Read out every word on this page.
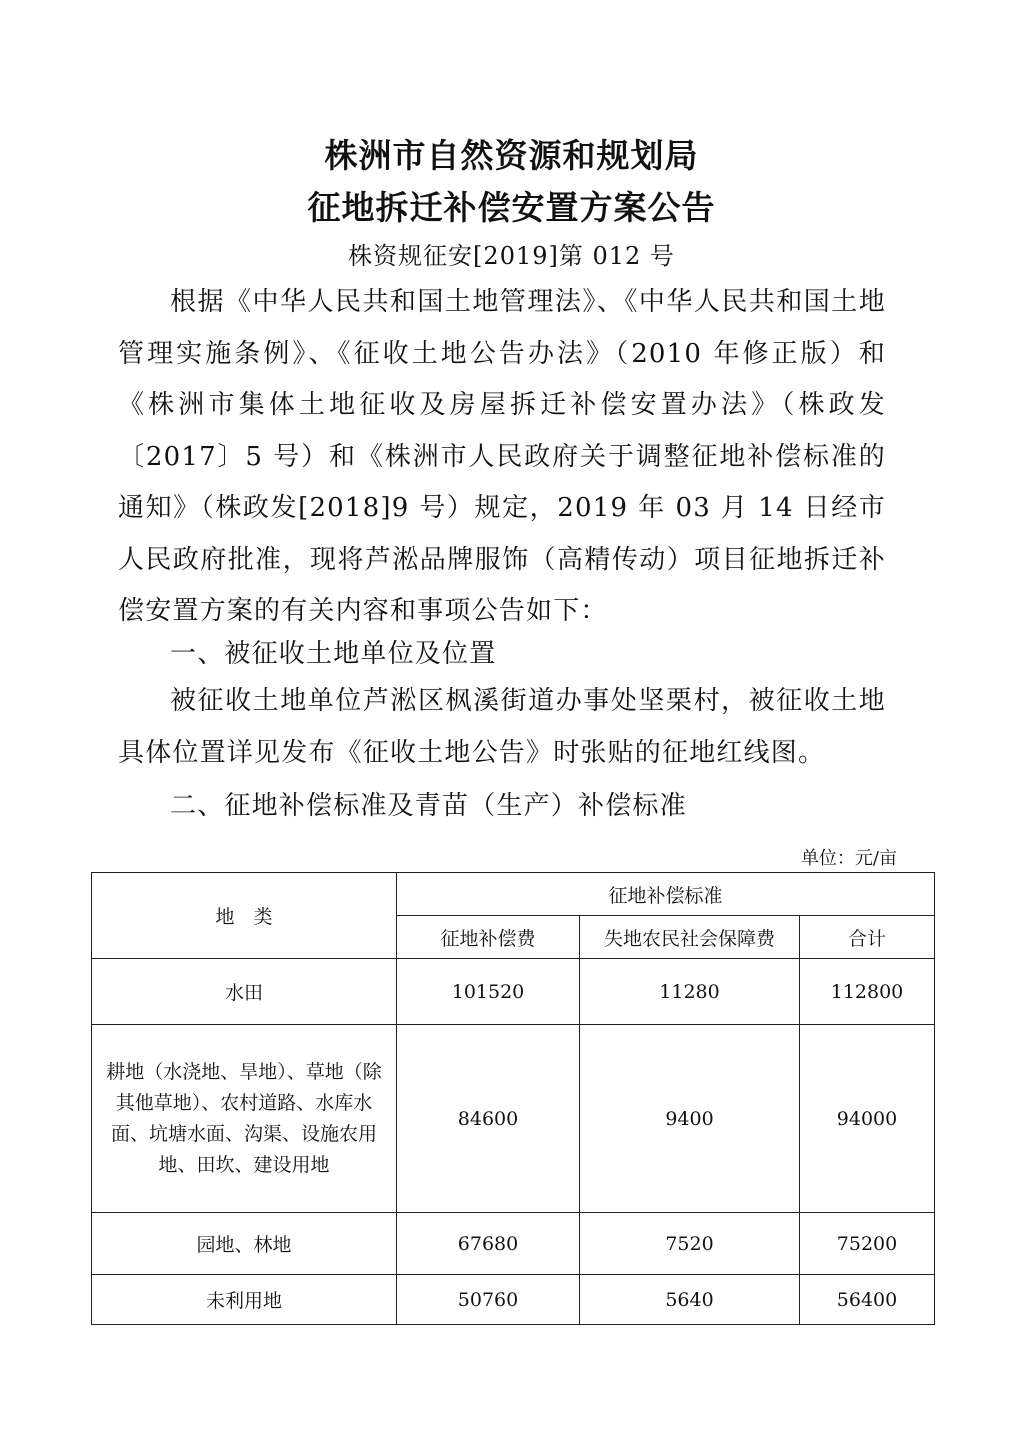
株洲市自然资源和规划局
征地拆迁补偿安置方案公告
株资规征安[2019]第 012 号

根据《中华人民共和国土地管理法》、《中华人民共和国土地管理实施条例》、《征收土地公告办法》（2010 年修正版）和《株洲市集体土地征收及房屋拆迁补偿安置办法》（株政发〔2017〕5 号）和《株洲市人民政府关于调整征地补偿标准的通知》（株政发[2018]9 号）规定，2019 年 03 月 14 日经市人民政府批准，现将芦淞品牌服饰（高精传动）项目征地拆迁补偿安置方案的有关内容和事项公告如下：

一、被征收土地单位及位置

被征收土地单位芦淞区枫溪街道办事处坚栗村，被征收土地具体位置详见发布《征收土地公告》时张贴的征地红线图。

二、征地补偿标准及青苗（生产）补偿标准

单位：元/亩
地　类	征地补偿标准		
	征地补偿费	失地农民社会保障费	合计
水田	101520	11280	112800

耕地（水浇地、旱地）、草地（除其他草地）、农村道路、水库水面、坑塘水面、沟渠、设施农用地、田坎、建设用地	84600	9400	94000
园地、林地	67680	7520	75200
未利用地	50760	5640	56400
